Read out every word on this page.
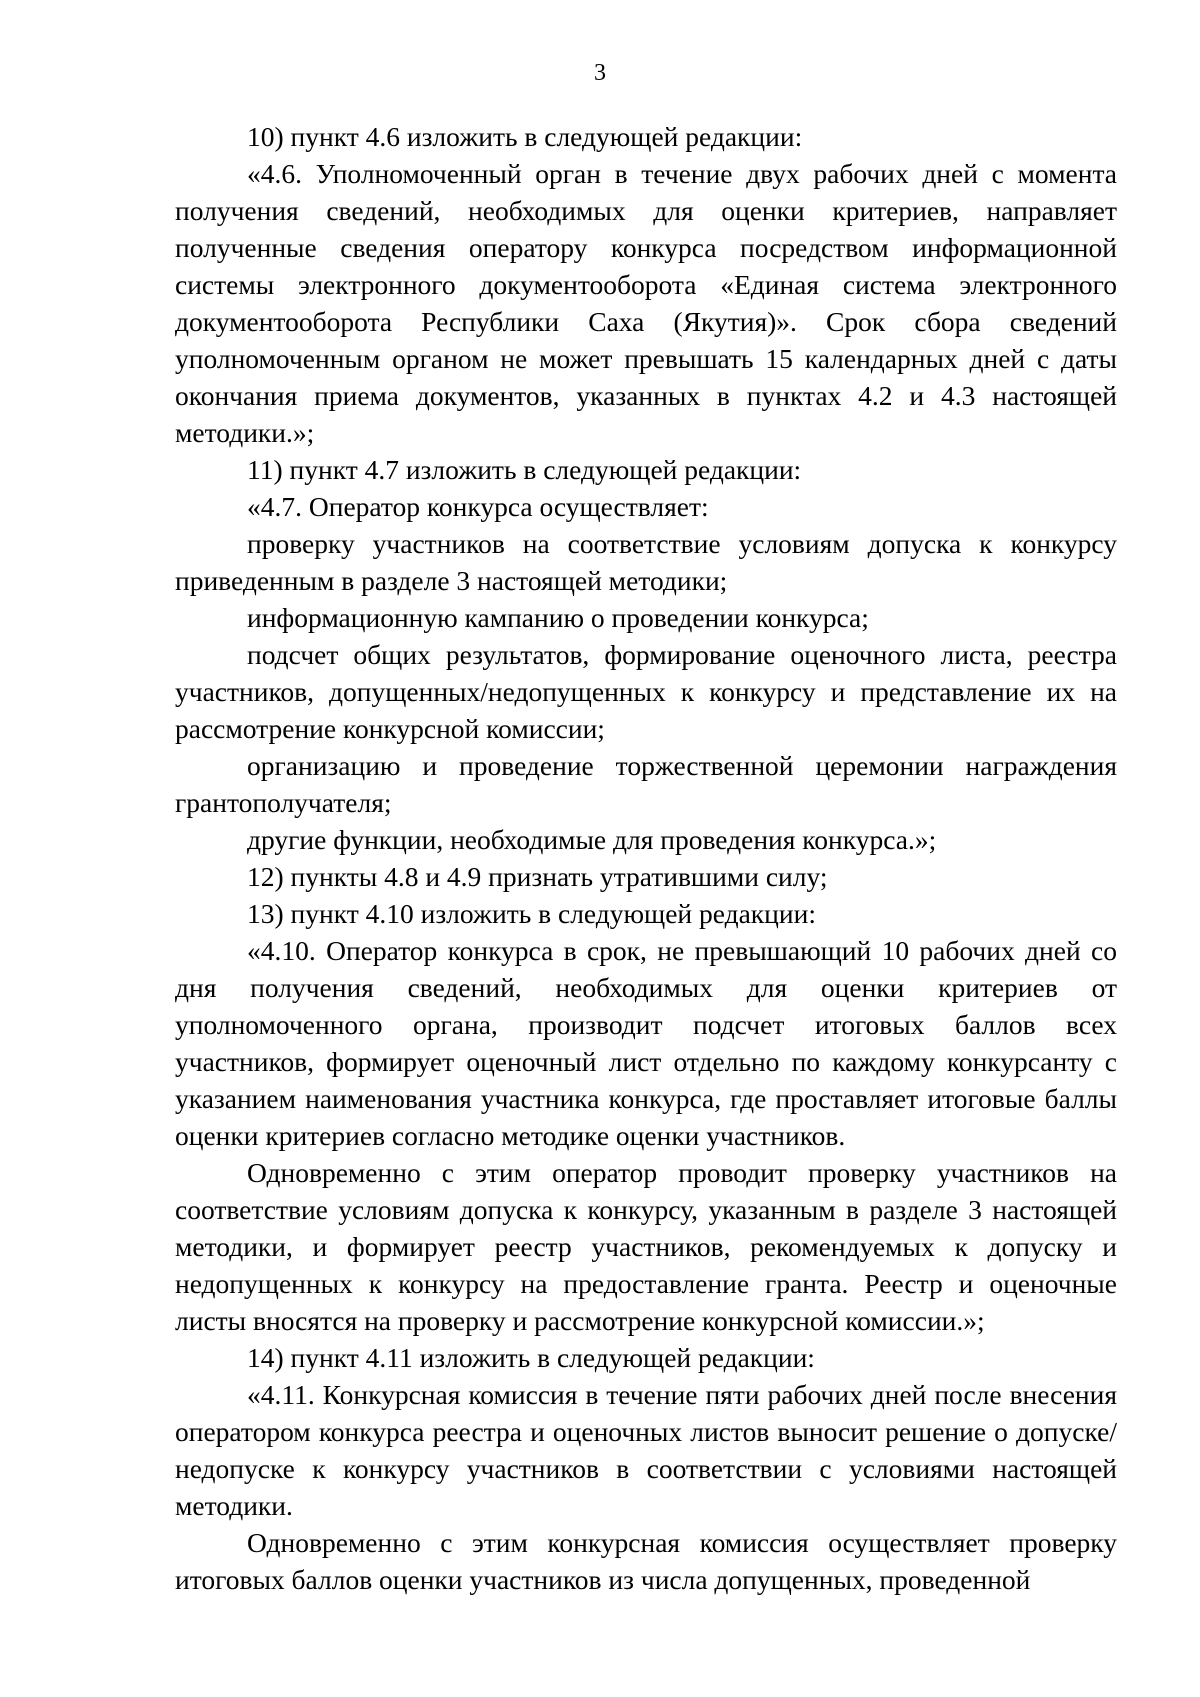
3

10) пункт 4.6 изложить в следующей редакции:

«4.6. Уполномоченный орган в течение двух рабочих дней с момента получения сведений, необходимых для оценки критериев, направляет полученные сведения оператору конкурса посредством информационной системы электронного документооборота «Единая система электронного документооборота Республики Саха (Якутия)». Срок сбора сведений уполномоченным органом не может превышать 15 календарных дней с даты окончания приема документов, указанных в пунктах 4.2 и 4.3 настоящей методики.»;

11) пункт 4.7 изложить в следующей редакции:

«4.7. Оператор конкурса осуществляет:

проверку участников на соответствие условиям допуска к конкурсу приведенным в разделе 3 настоящей методики;

информационную кампанию о проведении конкурса;

подсчет общих результатов, формирование оценочного листа, реестра участников, допущенных/недопущенных к конкурсу и представление их на рассмотрение конкурсной комиссии;

организацию и проведение торжественной церемонии награждения грантополучателя;

другие функции, необходимые для проведения конкурса.»;

12) пункты 4.8 и 4.9 признать утратившими силу;

13) пункт 4.10 изложить в следующей редакции:

«4.10. Оператор конкурса в срок, не превышающий 10 рабочих дней со дня получения сведений, необходимых для оценки критериев от уполномоченного органа, производит подсчет итоговых баллов всех участников, формирует оценочный лист отдельно по каждому конкурсанту с указанием наименования участника конкурса, где проставляет итоговые баллы оценки критериев согласно методике оценки участников.

Одновременно с этим оператор проводит проверку участников на соответствие условиям допуска к конкурсу, указанным в разделе 3 настоящей методики, и формирует реестр участников, рекомендуемых к допуску и недопущенных к конкурсу на предоставление гранта. Реестр и оценочные листы вносятся на проверку и рассмотрение конкурсной комиссии.»;

14) пункт 4.11 изложить в следующей редакции:

«4.11. Конкурсная комиссия в течение пяти рабочих дней после внесения оператором конкурса реестра и оценочных листов выносит решение о допуске/недопуске к конкурсу участников в соответствии с условиями настоящей методики.

Одновременно с этим конкурсная комиссия осуществляет проверку итоговых баллов оценки участников из числа допущенных, проведенной
